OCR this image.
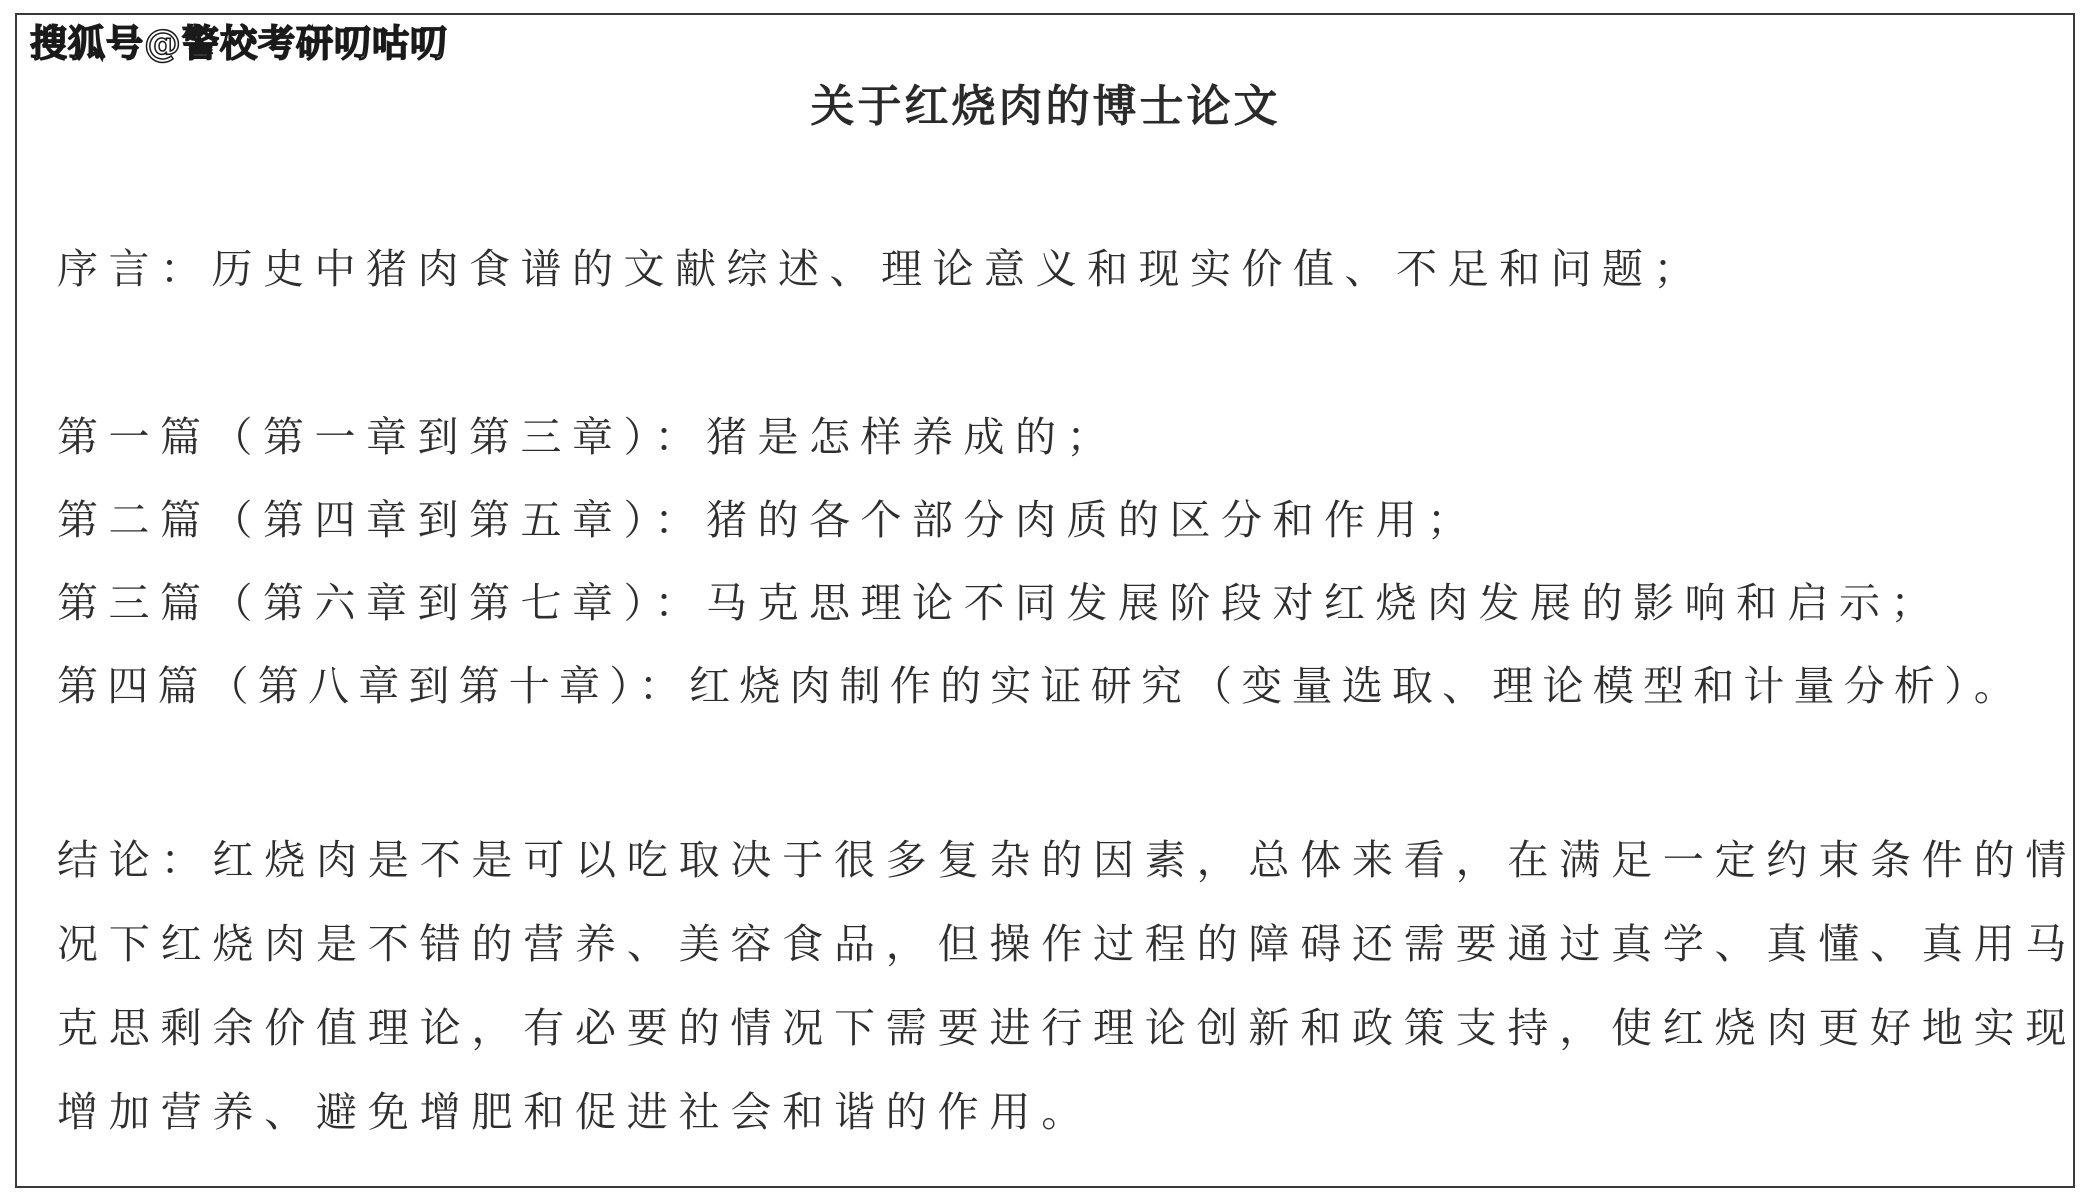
搜狐号@警校考研叨咕叨
关于红烧肉的博士论文
序言：历史中猪肉食谱的文献综述、理论意义和现实价值、不足和问题；
第一篇（第一章到第三章）：猪是怎样养成的；
第二篇（第四章到第五章）：猪的各个部分肉质的区分和作用；
第三篇（第六章到第七章）：马克思理论不同发展阶段对红烧肉发展的影响和启示；
第四篇（第八章到第十章）：红烧肉制作的实证研究（变量选取、理论模型和计量分析）。
结论：红烧肉是不是可以吃取决于很多复杂的因素，总体来看，在满足一定约束条件的情
况下红烧肉是不错的营养、美容食品，但操作过程的障碍还需要通过真学、真懂、真用马
克思剩余价值理论，有必要的情况下需要进行理论创新和政策支持，使红烧肉更好地实现
增加营养、避免增肥和促进社会和谐的作用。
